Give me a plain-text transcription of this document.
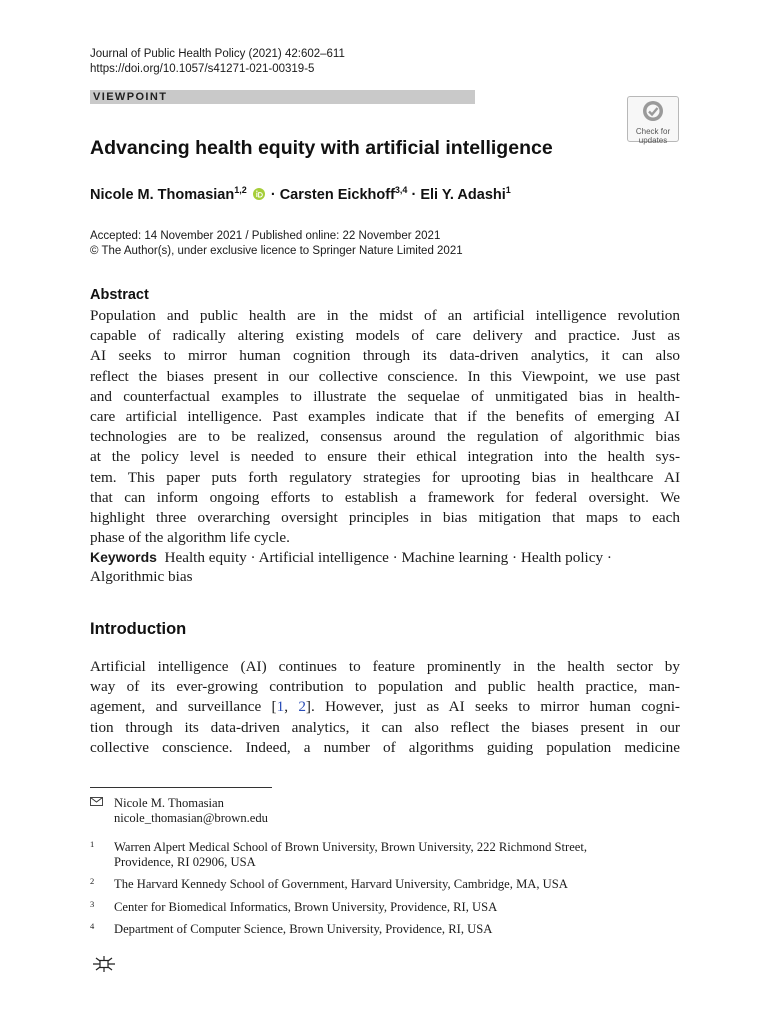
Journal of Public Health Policy (2021) 42:602–611
https://doi.org/10.1057/s41271-021-00319-5
VIEWPOINT
Check for
updates
Advancing health equity with artificial intelligence
Nicole M. Thomasian$^{1,2}$ · Carsten Eickhoff$^{3,4}$ · Eli Y. Adashi$^1$
Accepted: 14 November 2021 / Published online: 22 November 2021
© The Author(s), under exclusive licence to Springer Nature Limited 2021
Abstract
Population and public health are in the midst of an artificial intelligence revolution
capable of radically altering existing models of care delivery and practice. Just as
AI seeks to mirror human cognition through its data-driven analytics, it can also
reflect the biases present in our collective conscience. In this Viewpoint, we use past
and counterfactual examples to illustrate the sequelae of unmitigated bias in health-
care artificial intelligence. Past examples indicate that if the benefits of emerging AI
technologies are to be realized, consensus around the regulation of algorithmic bias
at the policy level is needed to ensure their ethical integration into the health sys-
tem. This paper puts forth regulatory strategies for uprooting bias in healthcare AI
that can inform ongoing efforts to establish a framework for federal oversight. We
highlight three overarching oversight principles in bias mitigation that maps to each
phase of the algorithm life cycle.
Keywords Health equity · Artificial intelligence · Machine learning · Health policy ·
Algorithmic bias
Introduction
Artificial intelligence (AI) continues to feature prominently in the health sector by
way of its ever-growing contribution to population and public health practice, man-
agement, and surveillance [1, 2]. However, just as AI seeks to mirror human cogni-
tion through its data-driven analytics, it can also reflect the biases present in our
collective conscience. Indeed, a number of algorithms guiding population medicine
Nicole M. Thomasian
nicole_thomasian@brown.edu
1 Warren Alpert Medical School of Brown University, Brown University, 222 Richmond Street,
Providence, RI 02906, USA
2 The Harvard Kennedy School of Government, Harvard University, Cambridge, MA, USA
3 Center for Biomedical Informatics, Brown University, Providence, RI, USA
4 Department of Computer Science, Brown University, Providence, RI, USA
